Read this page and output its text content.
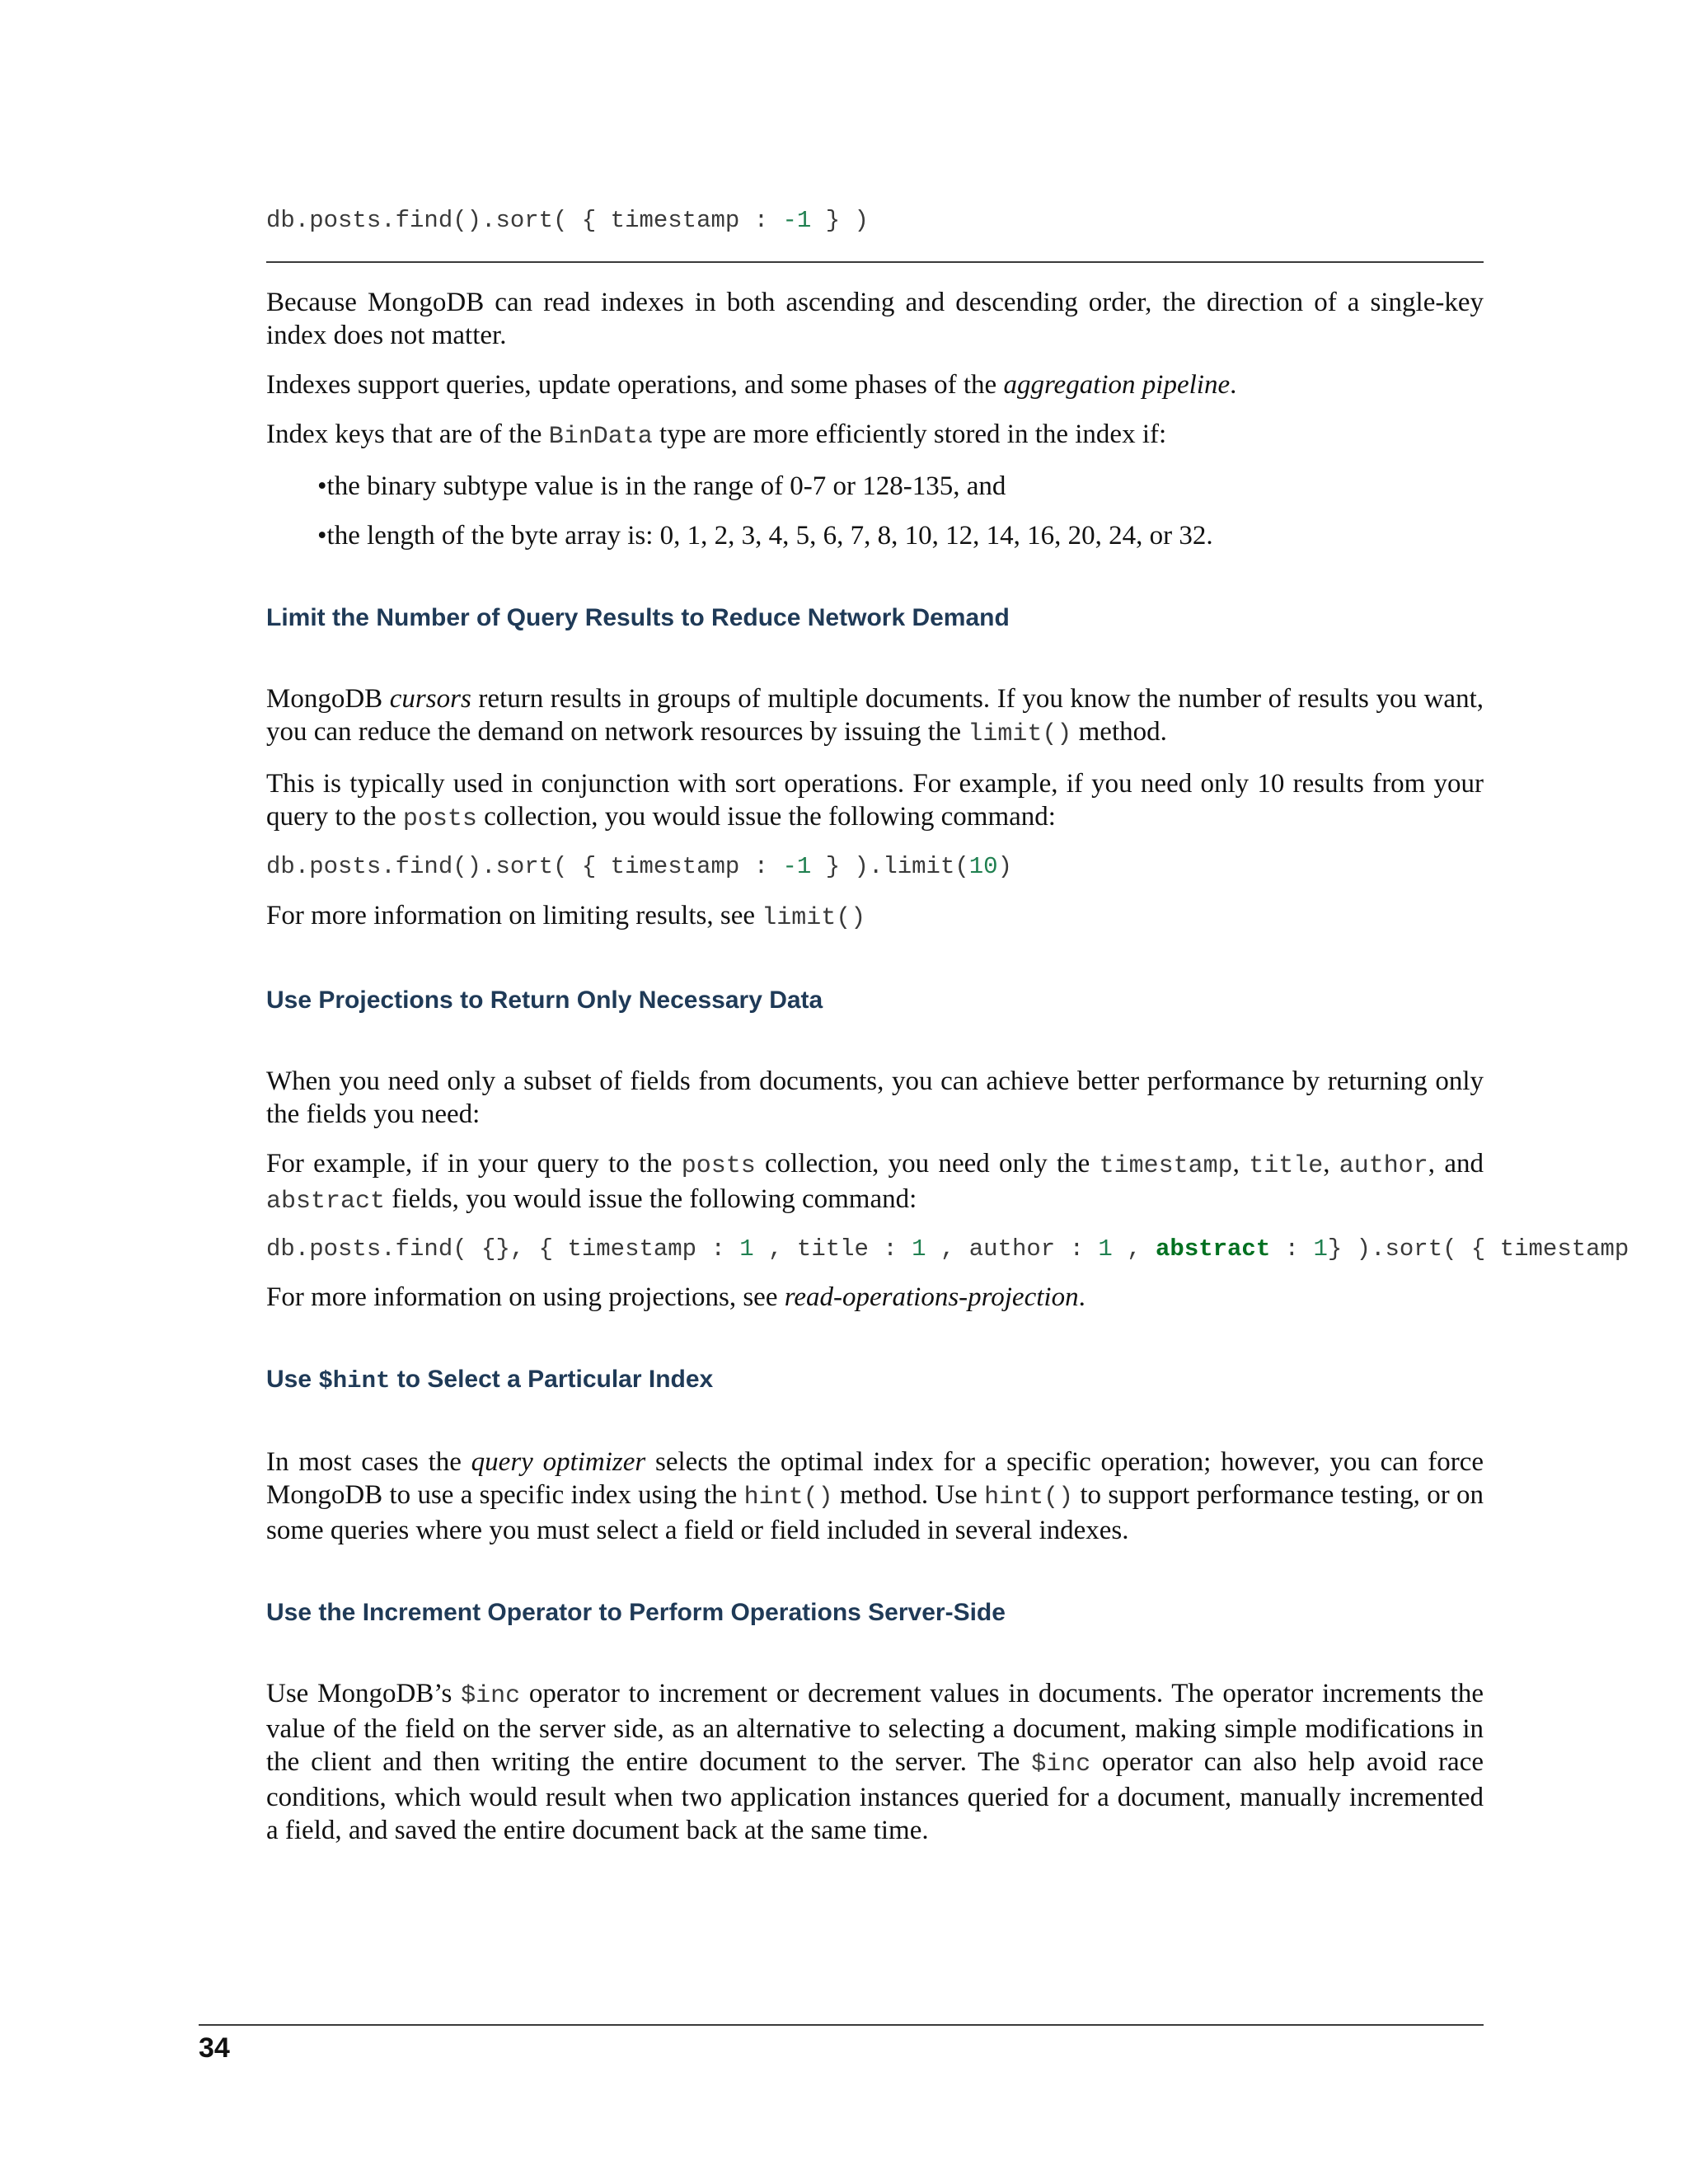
db.posts.find().sort( { timestamp : -1 } )

Because MongoDB can read indexes in both ascending and descending order, the direction of a single-key index does not matter.

Indexes support queries, update operations, and some phases of the aggregation pipeline.

Index keys that are of the BinData type are more efficiently stored in the index if:

•the binary subtype value is in the range of 0-7 or 128-135, and
•the length of the byte array is: 0, 1, 2, 3, 4, 5, 6, 7, 8, 10, 12, 14, 16, 20, 24, or 32.
Limit the Number of Query Results to Reduce Network Demand

MongoDB cursors return results in groups of multiple documents. If you know the number of results you want, you can reduce the demand on network resources by issuing the limit() method.

This is typically used in conjunction with sort operations. For example, if you need only 10 results from your query to the posts collection, you would issue the following command:

db.posts.find().sort( { timestamp : -1 } ).limit(10)

For more information on limiting results, see limit()

Use Projections to Return Only Necessary Data

When you need only a subset of fields from documents, you can achieve better performance by returning only the fields you need:

For example, if in your query to the posts collection, you need only the timestamp, title, author, and abstract fields, you would issue the following command:

db.posts.find( {}, { timestamp : 1 , title : 1 , author : 1 , abstract : 1} ).sort( { timestamp

For more information on using projections, see read-operations-projection.

Use $hint to Select a Particular Index

In most cases the query optimizer selects the optimal index for a specific operation; however, you can force MongoDB to use a specific index using the hint() method. Use hint() to support performance testing, or on some queries where you must select a field or field included in several indexes.

Use the Increment Operator to Perform Operations Server-Side

Use MongoDB’s $inc operator to increment or decrement values in documents. The operator increments the value of the field on the server side, as an alternative to selecting a document, making simple modifications in the client and then writing the entire document to the server. The $inc operator can also help avoid race conditions, which would result when two application instances queried for a document, manually incremented a field, and saved the entire document back at the same time.

34
